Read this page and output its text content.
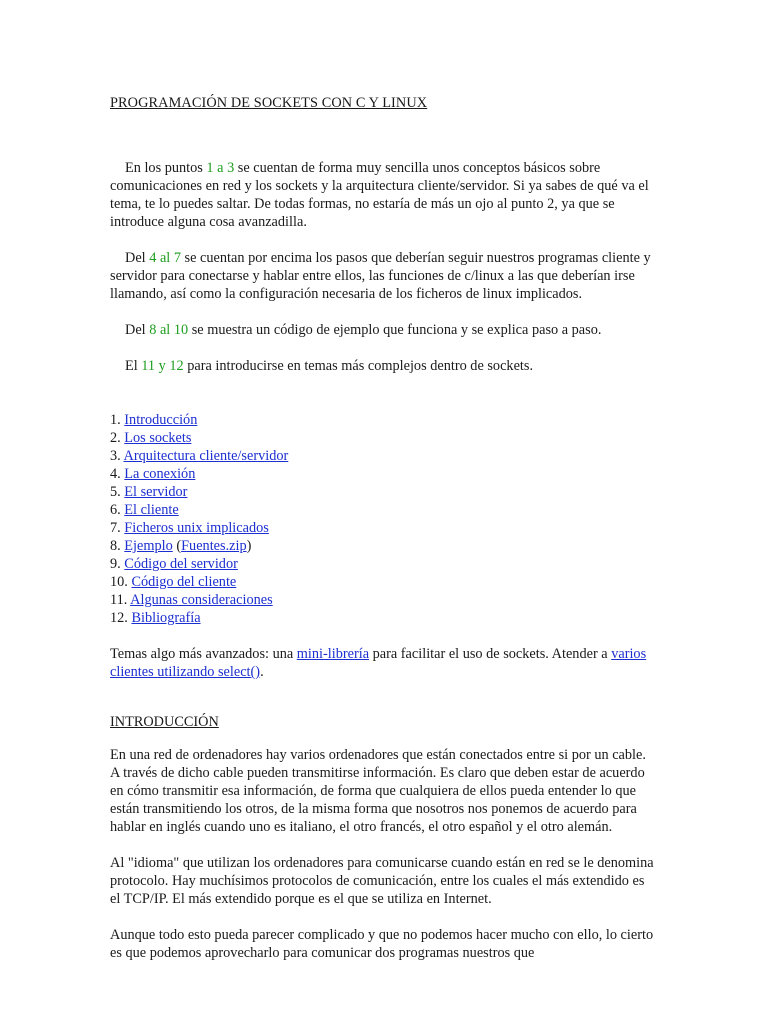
PROGRAMACIÓN DE SOCKETS CON C Y LINUX

En los puntos 1 a 3 se cuentan de forma muy sencilla unos conceptos básicos sobre comunicaciones en red y los sockets y la arquitectura cliente/servidor. Si ya sabes de qué va el tema, te lo puedes saltar. De todas formas, no estaría de más un ojo al punto 2, ya que se introduce alguna cosa avanzadilla.

Del 4 al 7 se cuentan por encima los pasos que deberían seguir nuestros programas cliente y servidor para conectarse y hablar entre ellos, las funciones de c/linux a las que deberían irse llamando, así como la configuración necesaria de los ficheros de linux implicados.

Del 8 al 10 se muestra un código de ejemplo que funciona y se explica paso a paso.

El 11 y 12 para introducirse en temas más complejos dentro de sockets.

1. Introducción
2. Los sockets
3. Arquitectura cliente/servidor
4. La conexión
5. El servidor
6. El cliente
7. Ficheros unix implicados
8. Ejemplo (Fuentes.zip)
9. Código del servidor
10. Código del cliente
11. Algunas consideraciones
12. Bibliografía

Temas algo más avanzados: una mini-librería para facilitar el uso de sockets. Atender a varios clientes utilizando select().

INTRODUCCIÓN

En una red de ordenadores hay varios ordenadores que están conectados entre si por un cable. A través de dicho cable pueden transmitirse información. Es claro que deben estar de acuerdo en cómo transmitir esa información, de forma que cualquiera de ellos pueda entender lo que están transmitiendo los otros, de la misma forma que nosotros nos ponemos de acuerdo para hablar en inglés cuando uno es italiano, el otro francés, el otro español y el otro alemán.

Al "idioma" que utilizan los ordenadores para comunicarse cuando están en red se le denomina protocolo. Hay muchísimos protocolos de comunicación, entre los cuales el más extendido es el TCP/IP. El más extendido porque es el que se utiliza en Internet.

Aunque todo esto pueda parecer complicado y que no podemos hacer mucho con ello, lo cierto es que podemos aprovecharlo para comunicar dos programas nuestros que
